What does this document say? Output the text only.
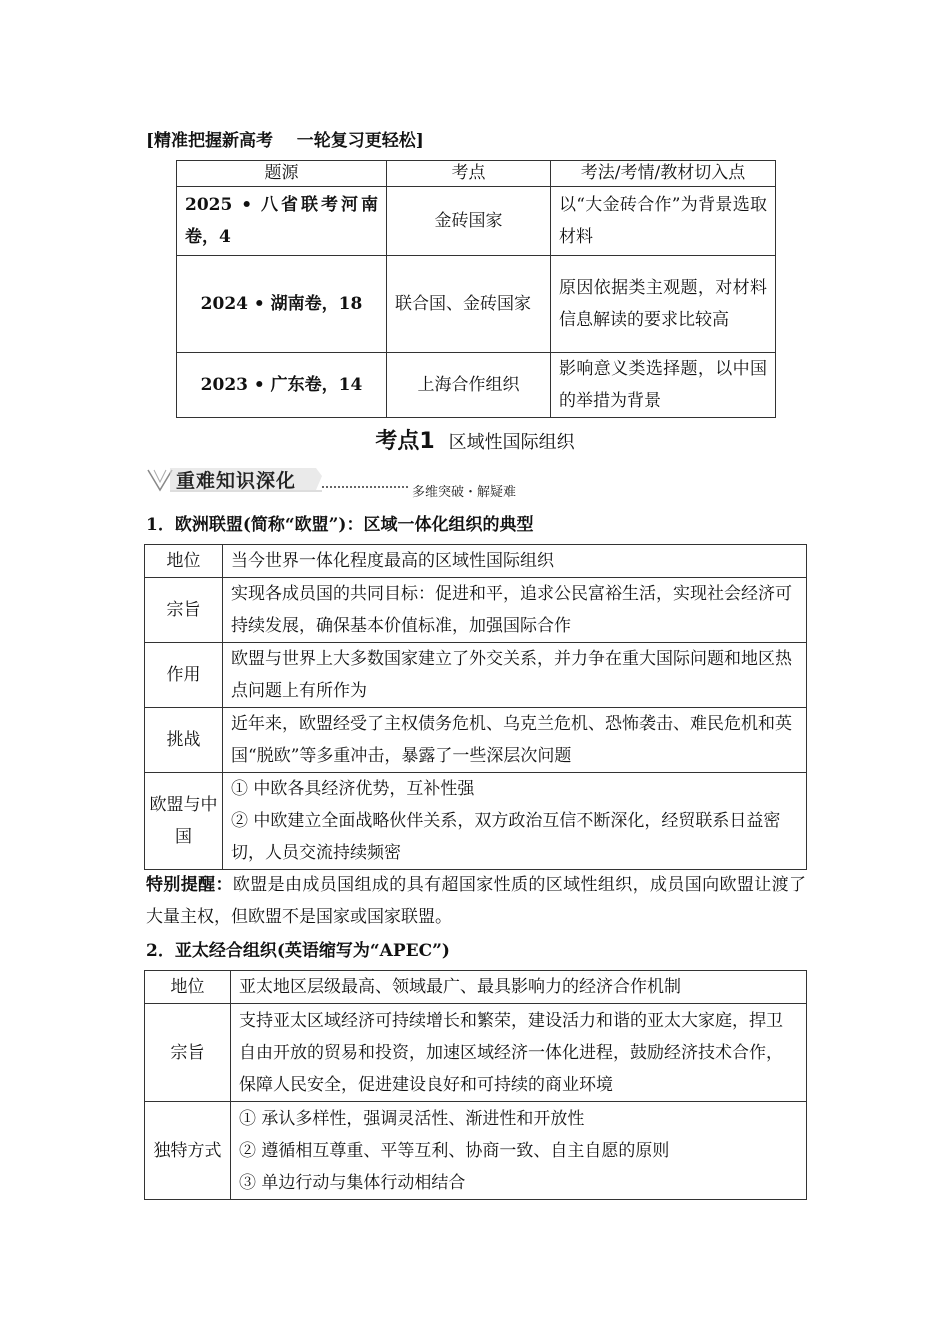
[精准把握新高考 一轮复习更轻松]
题源	考点	考法/考情/教材切入点
2025 • 八省联考河南卷，4	金砖国家	以“大金砖合作”为背景选取材料
2024 • 湖南卷，18	联合国、金砖国家	原因依据类主观题，对材料信息解读的要求比较高
2023 • 广东卷，14	上海合作组织	影响意义类选择题，以中国的举措为背景
考点1 区域性国际组织
重难知识深化
多维突破・解疑难
1．欧洲联盟(简称“欧盟”)：区域一体化组织的典型
地位	当今世界一体化程度最高的区域性国际组织
宗旨	实现各成员国的共同目标：促进和平，追求公民富裕生活，实现社会经济可持续发展，确保基本价值标准，加强国际合作
作用	欧盟与世界上大多数国家建立了外交关系，并力争在重大国际问题和地区热点问题上有所作为
挑战	近年来，欧盟经受了主权债务危机、乌克兰危机、恐怖袭击、难民危机和英国“脱欧”等多重冲击，暴露了一些深层次问题
欧盟与中国	① 中欧各具经济优势，互补性强
② 中欧建立全面战略伙伴关系，双方政治互信不断深化，经贸联系日益密切，人员交流持续频密
特别提醒：欧盟是由成员国组成的具有超国家性质的区域性组织，成员国向欧盟让渡了大量主权，但欧盟不是国家或国家联盟。
2．亚太经合组织(英语缩写为“APEC”)
地位	亚太地区层级最高、领域最广、最具影响力的经济合作机制
宗旨	支持亚太区域经济可持续增长和繁荣，建设活力和谐的亚太大家庭，捍卫自由开放的贸易和投资，加速区域经济一体化进程，鼓励经济技术合作，保障人民安全，促进建设良好和可持续的商业环境
独特方式	① 承认多样性，强调灵活性、渐进性和开放性
② 遵循相互尊重、平等互利、协商一致、自主自愿的原则
③ 单边行动与集体行动相结合
